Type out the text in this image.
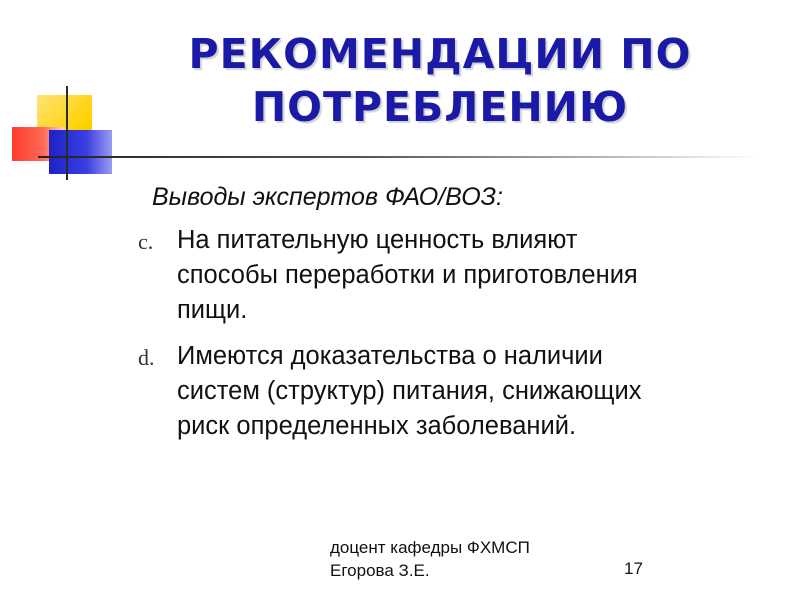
РЕКОМЕНДАЦИИ ПО
ПОТРЕБЛЕНИЮ
Выводы экспертов ФАО/ВОЗ:
c. На питательную ценность влияют
способы переработки и приготовления
пищи.
d. Имеются доказательства о наличии
систем (структур) питания, снижающих
риск определенных заболеваний.
доцент кафедры ФХМСП
Егорова З.Е.	17
